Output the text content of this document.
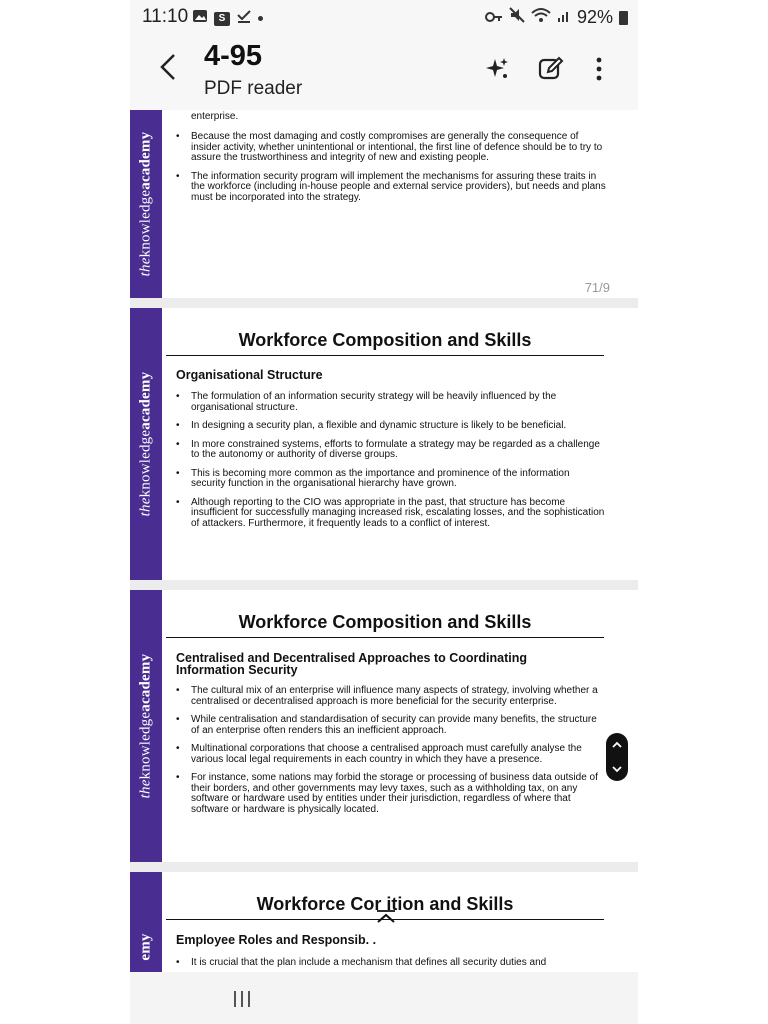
11:10	S	92%
4-95
PDF reader
theknowledgeacademy
enterprise.
• Because the most damaging and costly compromises are generally the consequence of insider activity, whether unintentional or intentional, the first line of defence should be to try to assure the trustworthiness and integrity of new and existing people.
• The information security program will implement the mechanisms for assuring these traits in the workforce (including in-house people and external service providers), but needs and plans must be incorporated into the strategy.
71/9
theknowledgeacademy
Workforce Composition and Skills
Organisational Structure
• The formulation of an information security strategy will be heavily influenced by the organisational structure.
• In designing a security plan, a flexible and dynamic structure is likely to be beneficial.
• In more constrained systems, efforts to formulate a strategy may be regarded as a challenge to the autonomy or authority of diverse groups.
• This is becoming more common as the importance and prominence of the information security function in the organisational hierarchy have grown.
• Although reporting to the CIO was appropriate in the past, that structure has become insufficient for successfully managing increased risk, escalating losses, and the sophistication of attackers. Furthermore, it frequently leads to a conflict of interest.
theknowledgeacademy
Workforce Composition and Skills
Centralised and Decentralised Approaches to Coordinating Information Security
• The cultural mix of an enterprise will influence many aspects of strategy, involving whether a centralised or decentralised approach is more beneficial for the security enterprise.
• While centralisation and standardisation of security can provide many benefits, the structure of an enterprise often renders this an inefficient approach.
• Multinational corporations that choose a centralised approach must carefully analyse the various local legal requirements in each country in which they have a presence.
• For instance, some nations may forbid the storage or processing of business data outside of their borders, and other governments may levy taxes, such as a withholding tax, on any software or hardware used by entities under their jurisdiction, regardless of where that software or hardware is physically located.
emy
Workforce Cor ition and Skills
Employee Roles and Responsib. .
• It is crucial that the plan include a mechanism that defines all security duties and
